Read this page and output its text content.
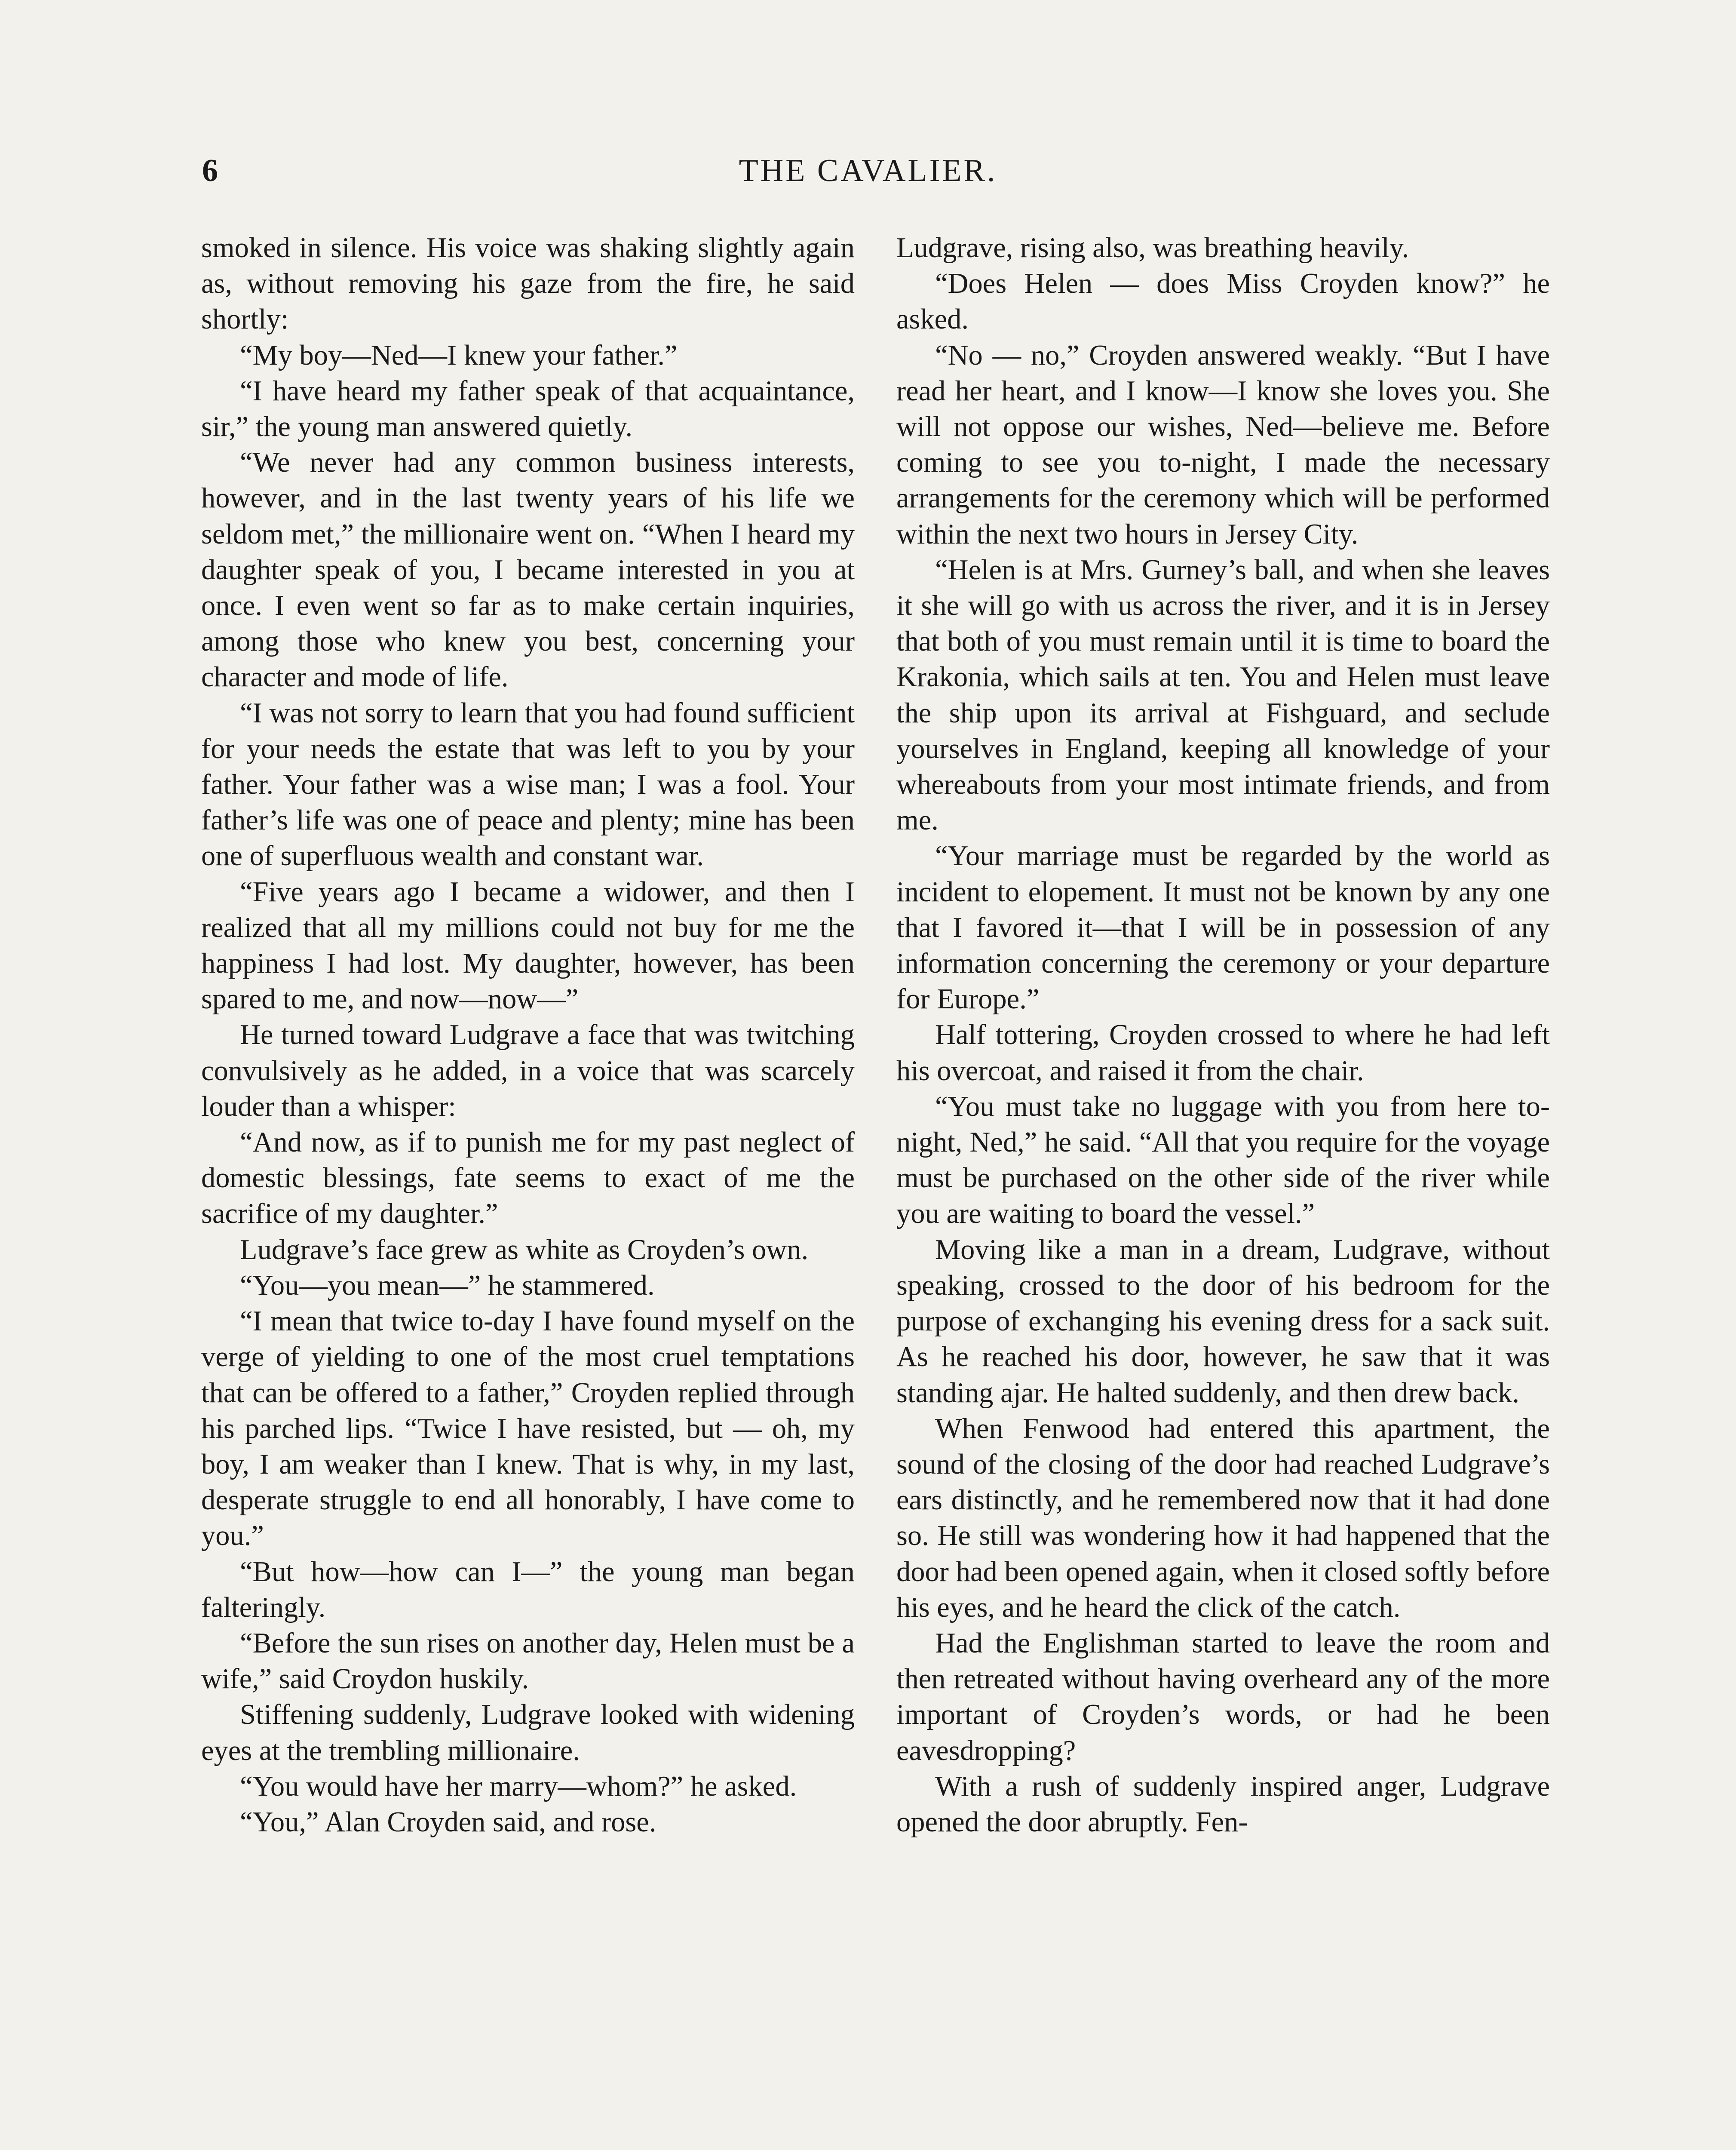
6	THE CAVALIER.

smoked in silence. His voice was shaking slightly again as, without removing his gaze from the fire, he said shortly:

“My boy—Ned—I knew your father.”

“I have heard my father speak of that acquaintance, sir,” the young man answered quietly.

“We never had any common business interests, however, and in the last twenty years of his life we seldom met,” the millionaire went on. “When I heard my daughter speak of you, I became interested in you at once. I even went so far as to make certain inquiries, among those who knew you best, concerning your character and mode of life.

“I was not sorry to learn that you had found sufficient for your needs the estate that was left to you by your father. Your father was a wise man; I was a fool. Your father’s life was one of peace and plenty; mine has been one of superfluous wealth and constant war.

“Five years ago I became a widower, and then I realized that all my millions could not buy for me the happiness I had lost. My daughter, however, has been spared to me, and now—now—”

He turned toward Ludgrave a face that was twitching convulsively as he added, in a voice that was scarcely louder than a whisper:

“And now, as if to punish me for my past neglect of domestic blessings, fate seems to exact of me the sacrifice of my daughter.”

Ludgrave’s face grew as white as Croyden’s own.

“You—you mean—” he stammered.

“I mean that twice to-day I have found myself on the verge of yielding to one of the most cruel temptations that can be offered to a father,” Croyden replied through his parched lips. “Twice I have resisted, but — oh, my boy, I am weaker than I knew. That is why, in my last, desperate struggle to end all honorably, I have come to you.”

“But how—how can I—” the young man began falteringly.

“Before the sun rises on another day, Helen must be a wife,” said Croydon huskily.

Stiffening suddenly, Ludgrave looked with widening eyes at the trembling millionaire.

“You would have her marry—whom?” he asked.

“You,” Alan Croyden said, and rose.

Ludgrave, rising also, was breathing heavily.

“Does Helen — does Miss Croyden know?” he asked.

“No — no,” Croyden answered weakly. “But I have read her heart, and I know—I know she loves you. She will not oppose our wishes, Ned—believe me. Before coming to see you to-night, I made the necessary arrangements for the ceremony which will be performed within the next two hours in Jersey City.

“Helen is at Mrs. Gurney’s ball, and when she leaves it she will go with us across the river, and it is in Jersey that both of you must remain until it is time to board the Krakonia, which sails at ten. You and Helen must leave the ship upon its arrival at Fishguard, and seclude yourselves in England, keeping all knowledge of your whereabouts from your most intimate friends, and from me.

“Your marriage must be regarded by the world as incident to elopement. It must not be known by any one that I favored it—that I will be in possession of any information concerning the ceremony or your departure for Europe.”

Half tottering, Croyden crossed to where he had left his overcoat, and raised it from the chair.

“You must take no luggage with you from here to-night, Ned,” he said. “All that you require for the voyage must be purchased on the other side of the river while you are waiting to board the vessel.”

Moving like a man in a dream, Ludgrave, without speaking, crossed to the door of his bedroom for the purpose of exchanging his evening dress for a sack suit. As he reached his door, however, he saw that it was standing ajar. He halted suddenly, and then drew back.

When Fenwood had entered this apartment, the sound of the closing of the door had reached Ludgrave’s ears distinctly, and he remembered now that it had done so. He still was wondering how it had happened that the door had been opened again, when it closed softly before his eyes, and he heard the click of the catch.

Had the Englishman started to leave the room and then retreated without having overheard any of the more important of Croyden’s words, or had he been eavesdropping?

With a rush of suddenly inspired anger, Ludgrave opened the door abruptly. Fen-
